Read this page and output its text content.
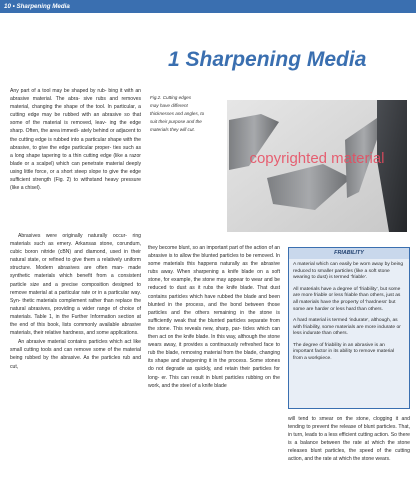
10 • Sharpening Media
1 Sharpening Media
Fig.2. Cutting edges
may have different
thicknesses and angles, to
suit their purpose and the
materials they will cut.
copyrighted material

Any part of a tool may be shaped by rub- bing it with an abrasive material. The abra- sive rubs and removes material, changing the shape of the tool. In particular, a cutting edge may be rubbed with an abrasive so that some of the material is removed, leav- ing the edge sharp. Often, the area immedi- ately behind or adjacent to the cutting edge is rubbed into a particular shape with the abrasive, to give the edge particular proper- ties such as a long shape tapering to a thin cutting edge (like a razor blade or a scalpel) which can penetrate material deeply using little force, or a short steep slope to give the edge sufficient strength (Fig. 2) to withstand heavy pressure (like a chisel).

Abrasives were originally naturally occur- ring materials such as emery. Arkansas stone, corundum, cubic boron nitride (cBN) and diamond, used in their natural state, or refined to give them a relatively uniform structure. Modern abrasives are often man- made synthetic materials which benefit from a consistent particle size and a precise composition designed to remove material at a particular rate or in a particular way. Syn- thetic materials complement rather than replace the natural abrasives, providing a wider range of choice of materials. Table 1, in the Further Information section at the end of this book, lists commonly available abrasive materials, their relative hardness, and some applications.

An abrasive material contains particles which act like small cutting tools and can remove some of the material being rubbed by the abrasive. As the particles rub and cut,

they become blunt, so an important part of the action of an abrasive is to allow the blunted particles to be removed. In some materials this happens naturally as the abrasive rubs away. When sharpening a knife blade on a soft stone, for example, the stone may appear to wear and be reduced to dust as it rubs the knife blade. That dust contains particles which have rubbed the blade and been blunted in the process, and the bond between those particles and the others remaining in the stone is sufficiently weak that the blunted particles separate from the stone. This reveals new, sharp, par- ticles which can then act on the knife blade. In this way, although the stone wears away, it provides a continuously refreshed face to rub the blade, removing material from the blade, changing its shape and sharpening it in the process. Some stones do not degrade as quickly, and retain their particles for long- er. This can result in blunt particles rubbing on the work, and the steel of a knife blade

FRIABILITY

A material which can easily be worn away by being reduced to smaller particles (like a soft stone wearing to dust) is termed 'friable'.

All materials have a degree of 'friability', but some are more friable or less friable than others, just as all materials have the property of 'hardness' but some are harder or less hard than others.

A hard material is termed 'indurate', although, as with friability, some materials are more indurate or less indurate than others.

The degree of friability in an abrasive is an important factor in its ability to remove material from a workpiece.

will tend to smear on the stone, clogging it and tending to prevent the release of blunt particles. That, in turn, leads to a less efficient cutting action. So there is a balance between the rate at which the stone releases blunt particles, the speed of the cutting action, and the rate at which the stone wears.
